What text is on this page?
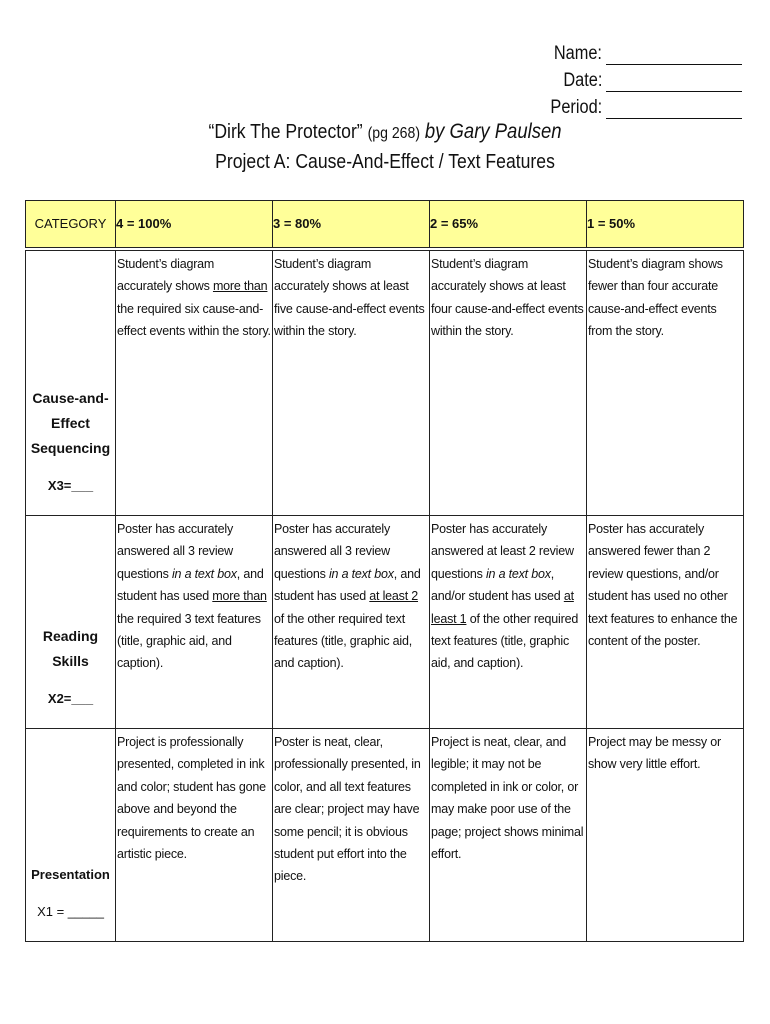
Name:
Date:
Period:
“Dirk The Protector” (pg 268) by Gary Paulsen
Project A: Cause-And-Effect / Text Features
CATEGORY	4 = 100%	3 = 80%	2 = 65%	1 = 50%

Cause-and-
Effect
Sequencing
X3=___	Student’s diagram accurately shows more than the required six cause-and-effect events within the story.	Student’s diagram accurately shows at least five cause-and-effect events within the story.	Student’s diagram accurately shows at least four cause-and-effect events within the story.	Student’s diagram shows fewer than four accurate cause-and-effect events from the story.

Reading Skills
X2=___	Poster has accurately answered all 3 review questions in a text box, and student has used more than the required 3 text features (title, graphic aid, and caption).	Poster has accurately answered all 3 review questions in a text box, and student has used at least 2 of the other required text features (title, graphic aid, and caption).	Poster has accurately answered at least 2 review questions in a text box, and/or student has used at least 1 of the other required text features (title, graphic aid, and caption).	Poster has accurately answered fewer than 2 review questions, and/or student has used no other text features to enhance the content of the poster.

Presentation
X1 = _____	Project is professionally presented, completed in ink and color; student has gone above and beyond the requirements to create an artistic piece.	Poster is neat, clear, professionally presented, in color, and all text features are clear; project may have some pencil; it is obvious student put effort into the piece.	Project is neat, clear, and legible; it may not be completed in ink or color, or may make poor use of the page; project shows minimal effort.	Project may be messy or show very little effort.
